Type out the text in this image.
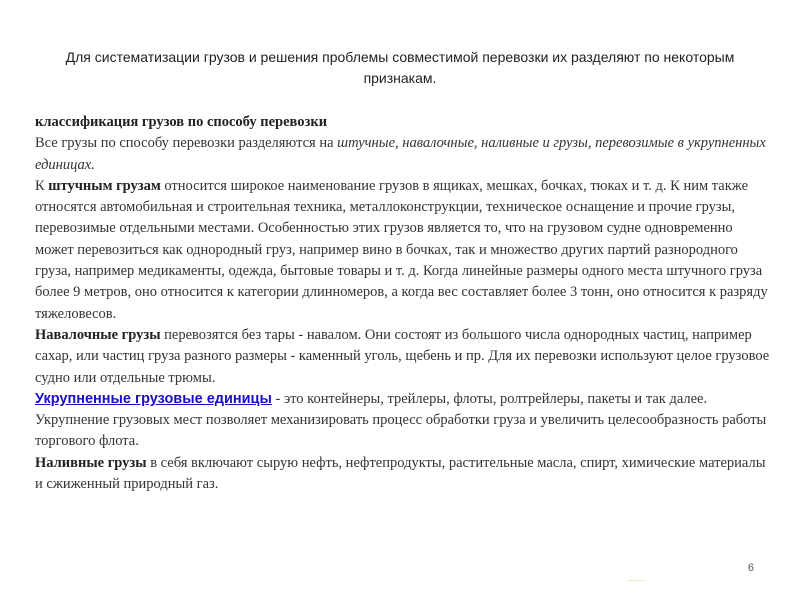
Для систематизации грузов и решения проблемы совместимой перевозки их разделяют по некоторым признакам.

классификация грузов по способу перевозки

Все грузы по способу перевозки разделяются на штучные, навалочные, наливные и грузы, перевозимые в укрупненных единицах.

К штучным грузам относится широкое наименование грузов в ящиках, мешках, бочках, тюках и т. д. К ним также относятся автомобильная и строительная техника, металлоконструкции, техническое оснащение и прочие грузы, перевозимые отдельными местами. Особенностью этих грузов является то, что на грузовом судне одновременно может перевозиться как однородный груз, например вино в бочках, так и множество других партий разнородного груза, например медикаменты, одежда, бытовые товары и т. д. Когда линейные размеры одного места штучного груза более 9 метров, оно относится к категории длинномеров, а когда вес составляет более 3 тонн, оно относится к разряду тяжеловесов.

Навалочные грузы перевозятся без тары - навалом. Они состоят из большого числа однородных частиц, например сахар, или частиц груза разного размеры - каменный уголь, щебень и пр. Для их перевозки используют целое грузовое судно или отдельные трюмы.

Укрупненные грузовые единицы - это контейнеры, трейлеры, флоты, ролтрейлеры, пакеты и так далее. Укрупнение грузовых мест позволяет механизировать процесс обработки груза и увеличить целесообразность работы торгового флота.

Наливные грузы в себя включают сырую нефть, нефтепродукты, растительные масла, спирт, химические материалы и сжиженный природный газ.

6
